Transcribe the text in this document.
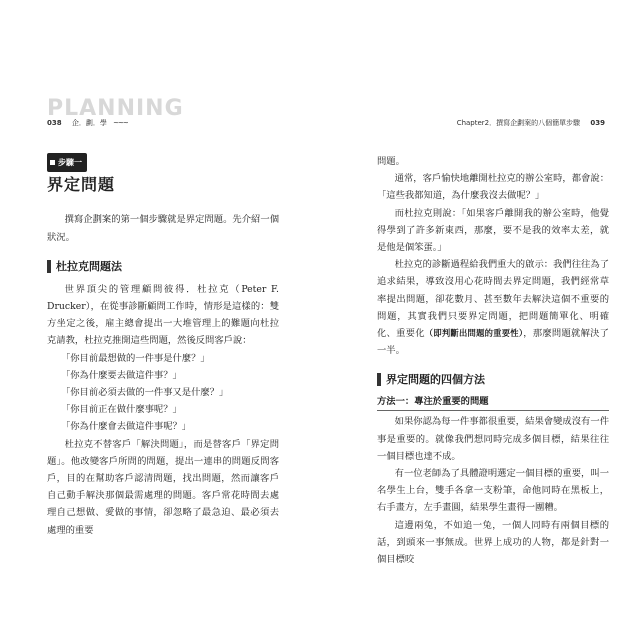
PLANNING
038 企．劃．學 ~~~	Chapter2．撰寫企劃案的八個簡單步驟 039
步驟一
界定問題

撰寫企劃案的第一個步驟就是界定問題。先介紹一個狀況。

杜拉克問題法

世界頂尖的管理顧問彼得．杜拉克（Peter F. Drucker），在從事診斷顧問工作時，情形是這樣的：雙方坐定之後，雇主總會提出一大堆管理上的難題向杜拉克請教，杜拉克推開這些問題，然後反問客戶說：

「你目前最想做的一件事是什麼？」

「你為什麼要去做這件事？」

「你目前必須去做的一件事又是什麼？」

「你目前正在做什麼事呢？」

「你為什麼會去做這件事呢？」

杜拉克不替客戶「解決問題」，而是替客戶「界定問題」。他改變客戶所問的問題，提出一連串的問題反問客戶，目的在幫助客戶認清問題，找出問題，然而讓客戶自己動手解決那個最需處理的問題。客戶常花時間去處理自己想做、愛做的事情，卻忽略了最急迫、最必須去處理的重要

問題。

通常，客戶愉快地離開杜拉克的辦公室時，都會說：「這些我都知道，為什麼我沒去做呢？」

而杜拉克則說：「如果客戶離開我的辦公室時，他覺得學到了許多新東西，那麼，要不是我的效率太差，就是他是個笨蛋。」

杜拉克的診斷過程給我們重大的啟示：我們往往為了追求結果，導致沒用心花時間去界定問題，我們經常草率提出問題，卻花數月、甚至數年去解決這個不重要的問題，其實我們只要界定問題，把問題簡單化、明確化、重要化（即判斷出問題的重要性），那麼問題就解決了一半。

界定問題的四個方法
方法一：專注於重要的問題

如果你認為每一件事都很重要，結果會變成沒有一件事是重要的。就像我們想同時完成多個目標，結果往往一個目標也達不成。

有一位老師為了具體證明選定一個目標的重要，叫一名學生上台，雙手各拿一支粉筆，命他同時在黑板上，右手畫方，左手畫圓，結果學生畫得一團糟。

這邊兩兔，不如追一兔，一個人同時有兩個目標的話，到頭來一事無成。世界上成功的人物，都是針對一個目標咬
